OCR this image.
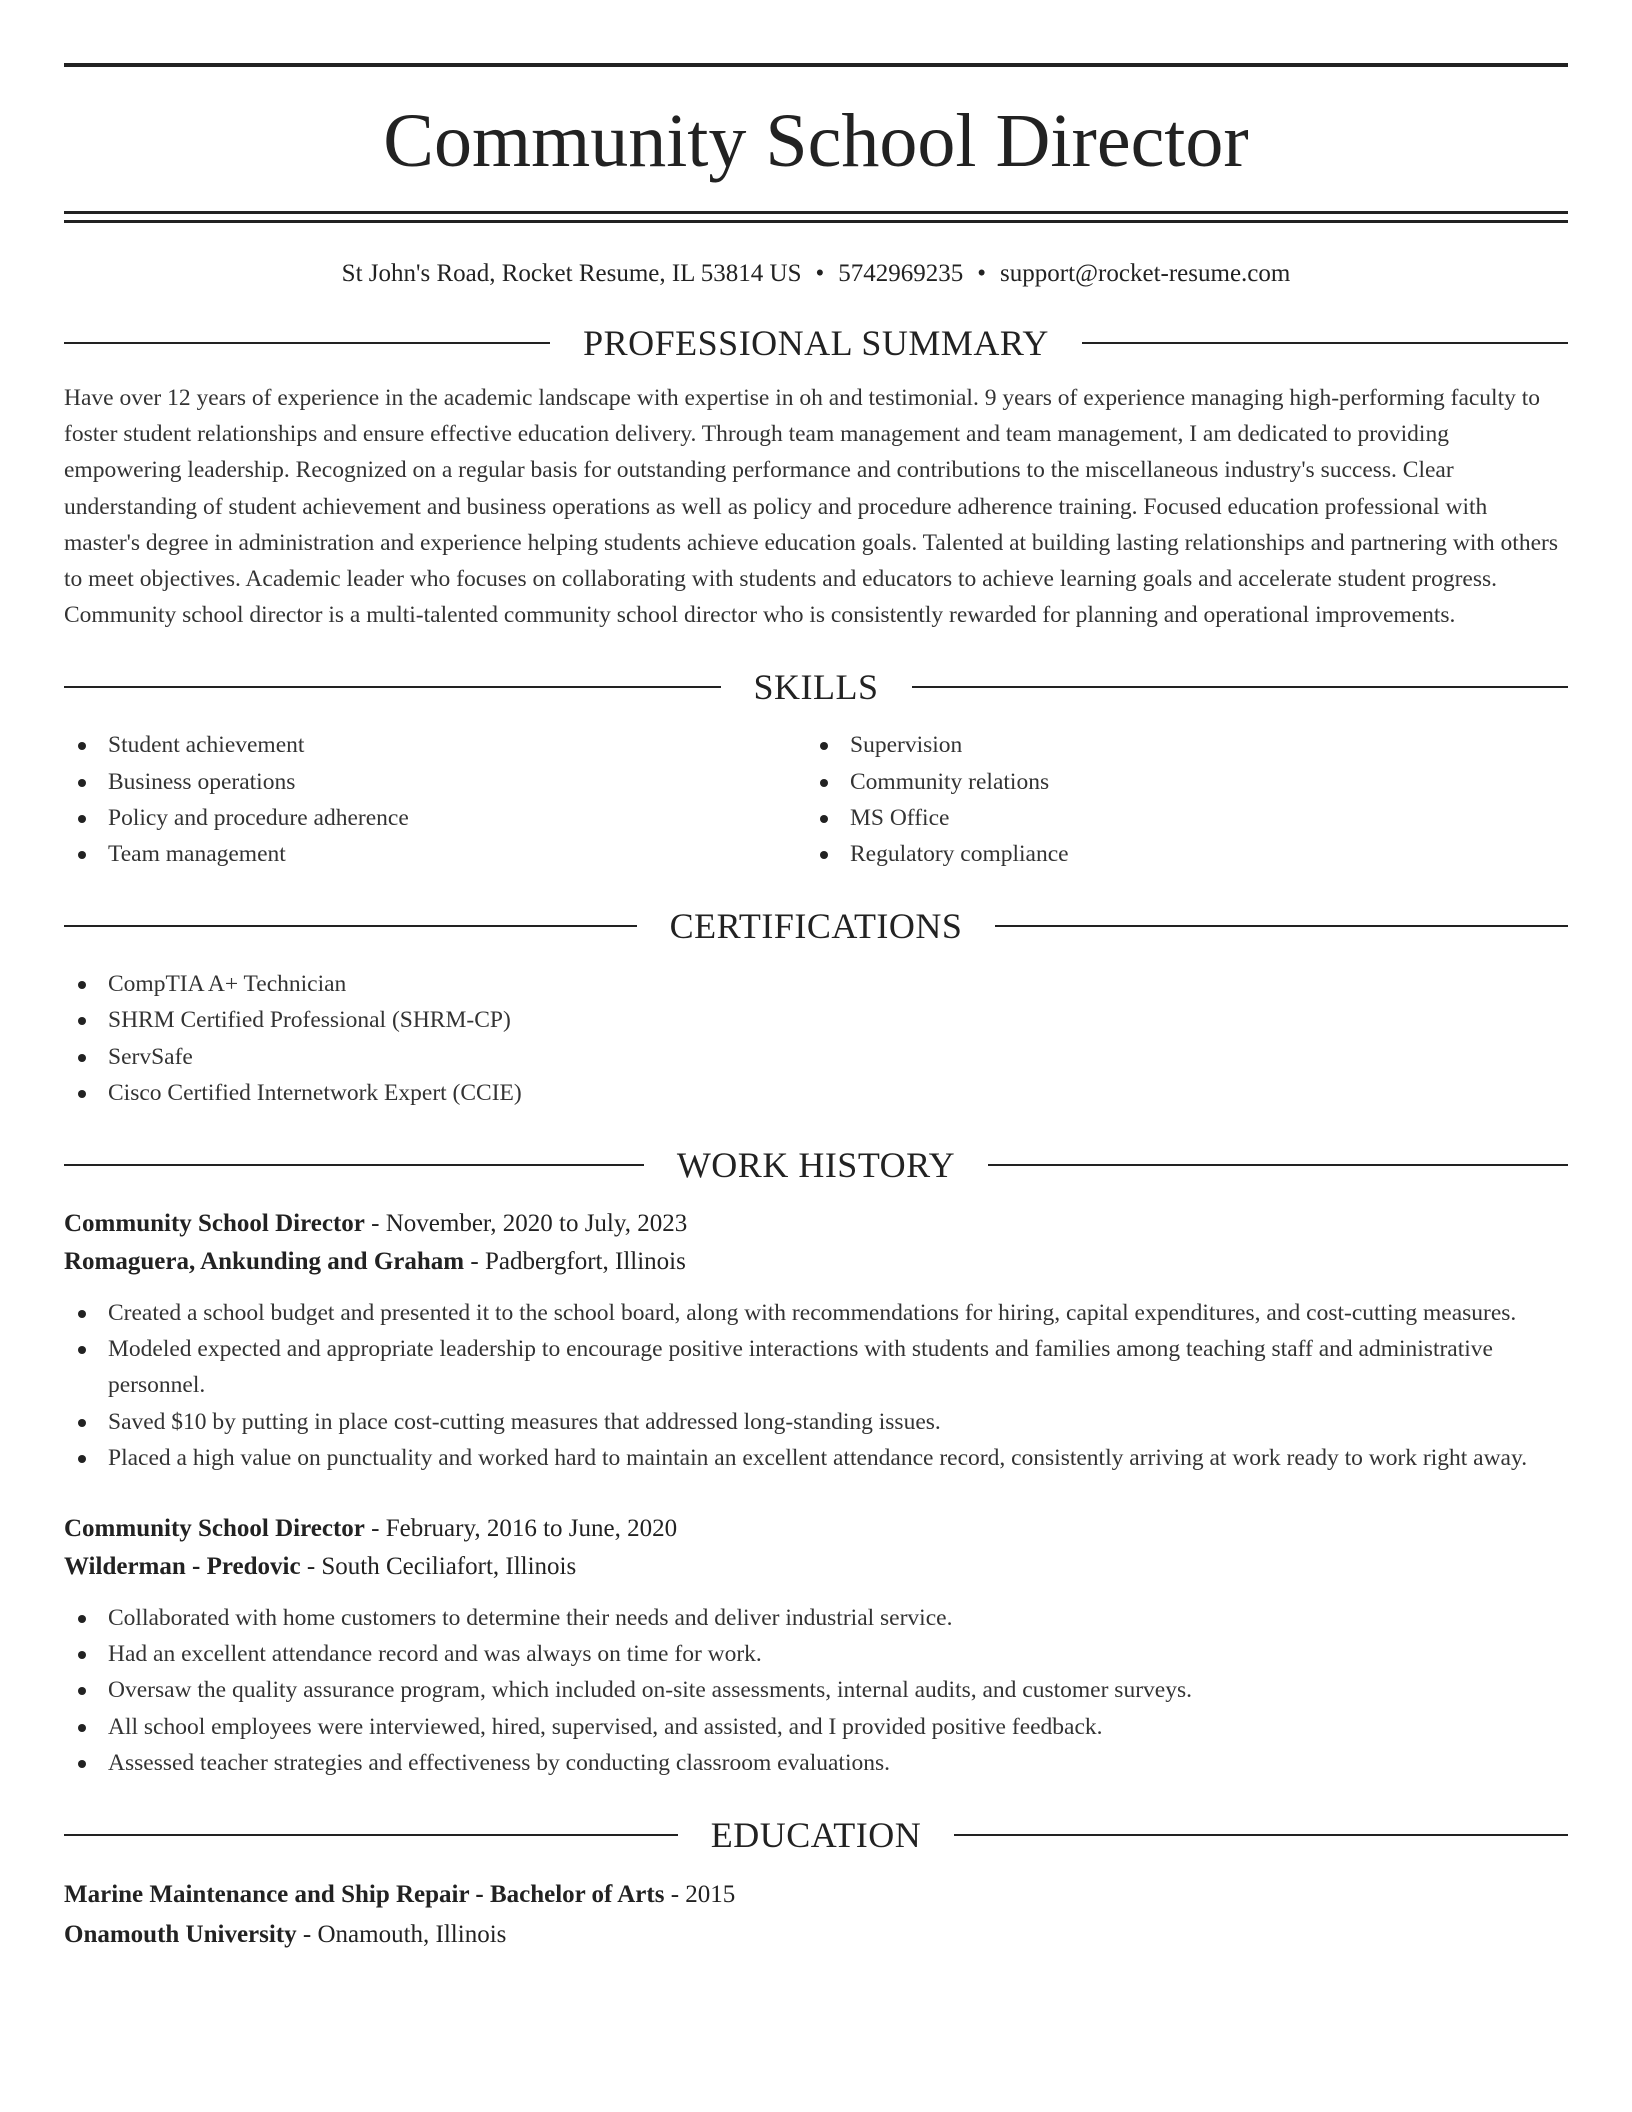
Community School Director
St John's Road, Rocket Resume, IL 53814 US • 5742969235 • support@rocket-resume.com
PROFESSIONAL SUMMARY
Have over 12 years of experience in the academic landscape with expertise in oh and testimonial. 9 years of experience managing high-performing faculty to foster student relationships and ensure effective education delivery. Through team management and team management, I am dedicated to providing empowering leadership. Recognized on a regular basis for outstanding performance and contributions to the miscellaneous industry's success. Clear understanding of student achievement and business operations as well as policy and procedure adherence training. Focused education professional with master's degree in administration and experience helping students achieve education goals. Talented at building lasting relationships and partnering with others to meet objectives. Academic leader who focuses on collaborating with students and educators to achieve learning goals and accelerate student progress. Community school director is a multi-talented community school director who is consistently rewarded for planning and operational improvements.
SKILLS
Student achievement
Business operations
Policy and procedure adherence
Team management
Supervision
Community relations
MS Office
Regulatory compliance
CERTIFICATIONS
CompTIA A+ Technician
SHRM Certified Professional (SHRM-CP)
ServSafe
Cisco Certified Internetwork Expert (CCIE)
WORK HISTORY
Community School Director - November, 2020 to July, 2023
Romaguera, Ankunding and Graham - Padbergfort, Illinois
Created a school budget and presented it to the school board, along with recommendations for hiring, capital expenditures, and cost-cutting measures.
Modeled expected and appropriate leadership to encourage positive interactions with students and families among teaching staff and administrative personnel.
Saved $10 by putting in place cost-cutting measures that addressed long-standing issues.
Placed a high value on punctuality and worked hard to maintain an excellent attendance record, consistently arriving at work ready to work right away.
Community School Director - February, 2016 to June, 2020
Wilderman - Predovic - South Ceciliafort, Illinois
Collaborated with home customers to determine their needs and deliver industrial service.
Had an excellent attendance record and was always on time for work.
Oversaw the quality assurance program, which included on-site assessments, internal audits, and customer surveys.
All school employees were interviewed, hired, supervised, and assisted, and I provided positive feedback.
Assessed teacher strategies and effectiveness by conducting classroom evaluations.
EDUCATION
Marine Maintenance and Ship Repair - Bachelor of Arts - 2015
Onamouth University - Onamouth, Illinois
